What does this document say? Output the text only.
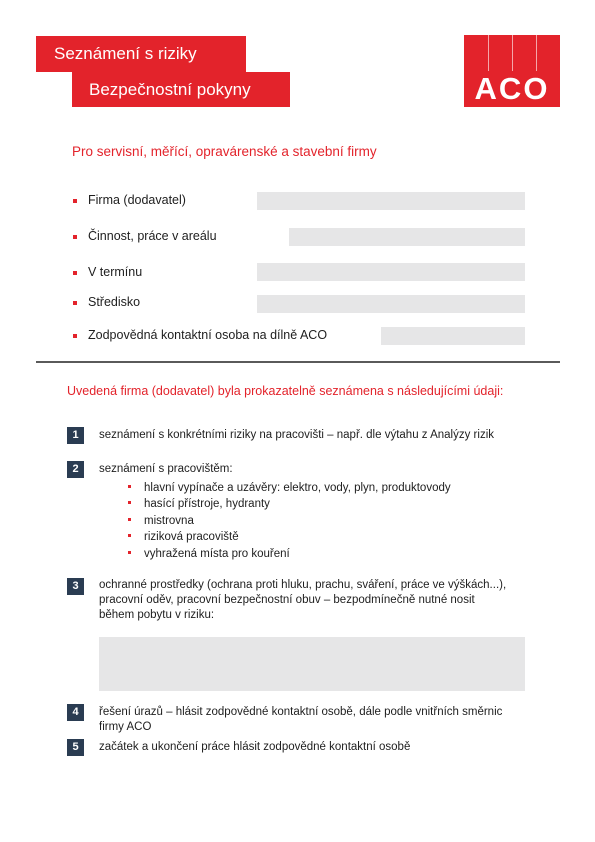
Seznámení s riziky
Bezpečnostní pokyny	ACO
Pro servisní, měřící, opravárenské a stavební firmy
Firma (dodavatel)
Činnost, práce v areálu
V termínu
Středisko
Zodpovědná kontaktní osoba na dílně ACO
Uvedená firma (dodavatel) byla prokazatelně seznámena s následujícími údaji:
1	seznámení s konkrétními riziky na pracovišti – např. dle výtahu z Analýzy rizik
2	seznámení s pracovištěm:
hlavní vypínače a uzávěry: elektro, vody, plyn, produktovody
hasící přístroje, hydranty
mistrovna
riziková pracoviště
vyhražená místa pro kouření
3	ochranné prostředky (ochrana proti hluku, prachu, sváření, práce ve výškách...),
pracovní oděv, pracovní bezpečnostní obuv – bezpodmínečně nutné nosit
během pobytu v riziku:
4	řešení úrazů – hlásit zodpovědné kontaktní osobě, dále podle vnitřních směrnic
firmy ACO
5	začátek a ukončení práce hlásit zodpovědné kontaktní osobě
